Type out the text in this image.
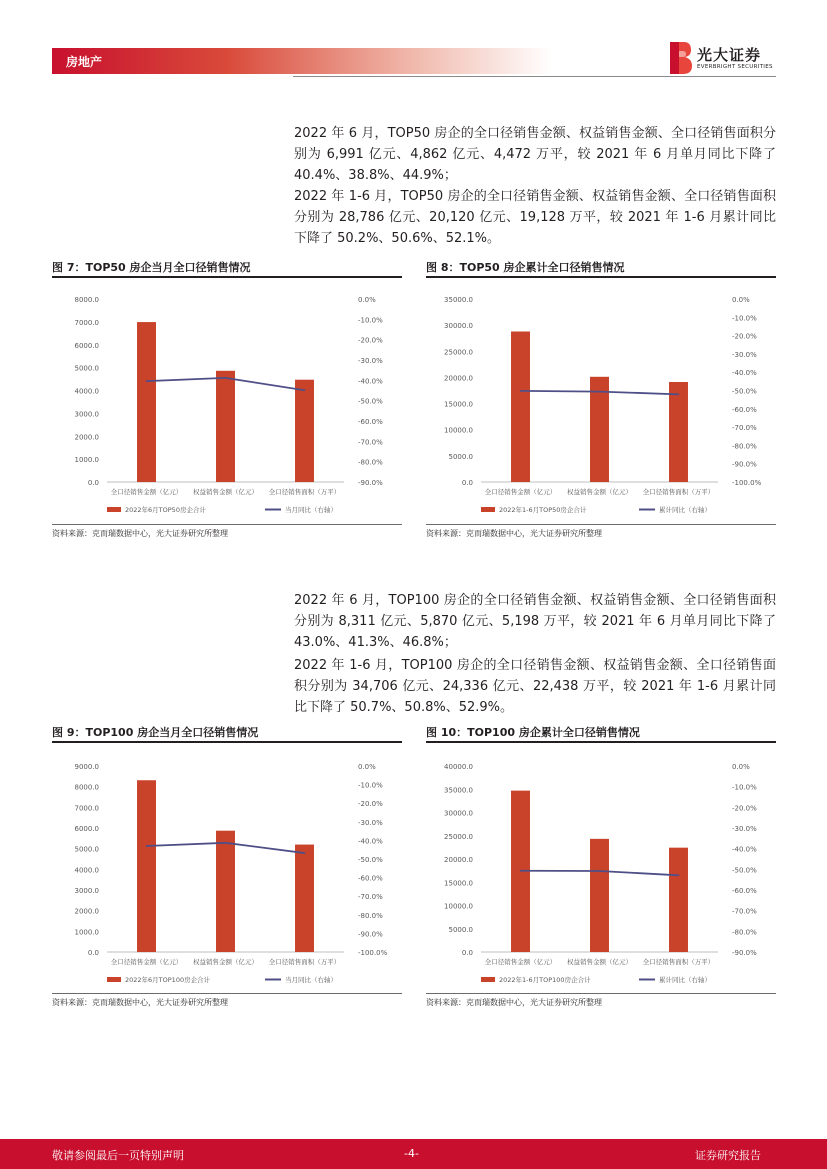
房地产	光大证券
EVERBRIGHT SECURITIES

2022 年 6 月，TOP50 房企的全口径销售金额、权益销售金额、全口径销售面积分别为 6,991 亿元、4,862 亿元、4,472 万平，较 2021 年 6 月单月同比下降了 40.4%、38.8%、44.9%；

2022 年 1-6 月，TOP50 房企的全口径销售金额、权益销售金额、全口径销售面积分别为 28,786 亿元、20,120 亿元、19,128 万平，较 2021 年 1-6 月累计同比下降了 50.2%、50.6%、52.1%。

图 7：TOP50 房企当月全口径销售情况
8000.0
7000.0
6000.0
5000.0
4000.0
3000.0
2000.0
1000.0
0.0
0.0%
-10.0%
-20.0%
-30.0%
-40.0%
-50.0%
-60.0%
-70.0%
-80.0%
-90.0%
全口径销售金额（亿元） 权益销售金额（亿元） 全口径销售面积（万平）
2022年6月TOP50房企合计	当月同比（右轴）
资料来源：克而瑞数据中心，光大证券研究所整理
图 8：TOP50 房企累计全口径销售情况
35000.0
30000.0
25000.0
20000.0
15000.0
10000.0
5000.0
0.0
0.0%
-10.0%
-20.0%
-30.0%
-40.0%
-50.0%
-60.0%
-70.0%
-80.0%
-90.0%
-100.0%
全口径销售金额（亿元） 权益销售金额（亿元） 全口径销售面积（万平）
2022年1-6月TOP50房企合计	累计同比（右轴）
资料来源：克而瑞数据中心，光大证券研究所整理

2022 年 6 月，TOP100 房企的全口径销售金额、权益销售金额、全口径销售面积分别为 8,311 亿元、5,870 亿元、5,198 万平，较 2021 年 6 月单月同比下降了 43.0%、41.3%、46.8%；

2022 年 1-6 月，TOP100 房企的全口径销售金额、权益销售金额、全口径销售面积分别为 34,706 亿元、24,336 亿元、22,438 万平，较 2021 年 1-6 月累计同比下降了 50.7%、50.8%、52.9%。

图 9：TOP100 房企当月全口径销售情况
9000.0
8000.0
7000.0
6000.0
5000.0
4000.0
3000.0
2000.0
1000.0
0.0
0.0%
-10.0%
-20.0%
-30.0%
-40.0%
-50.0%
-60.0%
-70.0%
-80.0%
-90.0%
-100.0%
全口径销售金额（亿元） 权益销售金额（亿元） 全口径销售面积（万平）
2022年6月TOP100房企合计	当月同比（右轴）
资料来源：克而瑞数据中心，光大证券研究所整理
图 10：TOP100 房企累计全口径销售情况
40000.0
35000.0
30000.0
25000.0
20000.0
15000.0
10000.0
5000.0
0.0
0.0%
-10.0%
-20.0%
-30.0%
-40.0%
-50.0%
-60.0%
-70.0%
-80.0%
-90.0%
全口径销售金额（亿元） 权益销售金额（亿元） 全口径销售面积（万平）
2022年1-6月TOP100房企合计	累计同比（右轴）
资料来源：克而瑞数据中心，光大证券研究所整理
敬请参阅最后一页特别声明	-4-	证券研究报告
